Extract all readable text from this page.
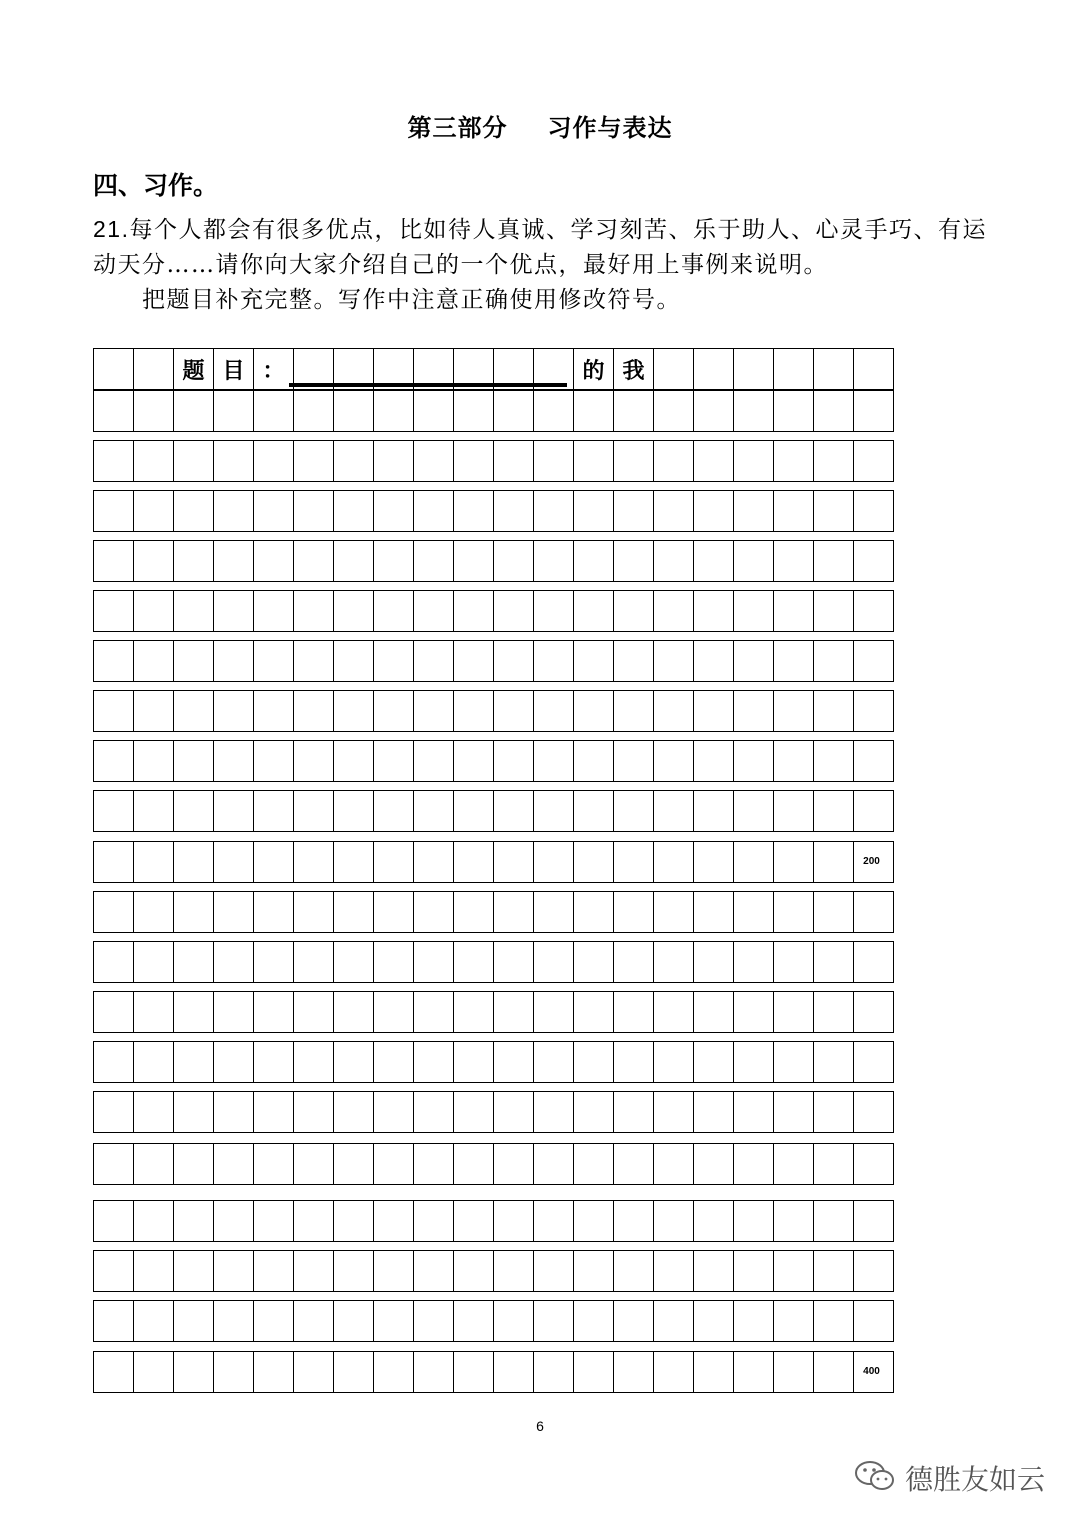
第三部分 习作与表达
四、习作。
21.每个人都会有很多优点，比如待人真诚、学习刻苦、乐于助人、心灵手巧、有运动天分……请你向大家介绍自己的一个优点，最好用上事例来说明。
把题目补充完整。写作中注意正确使用修改符号。
题 目 ：	的 我
200
400
6
德胜友如云
